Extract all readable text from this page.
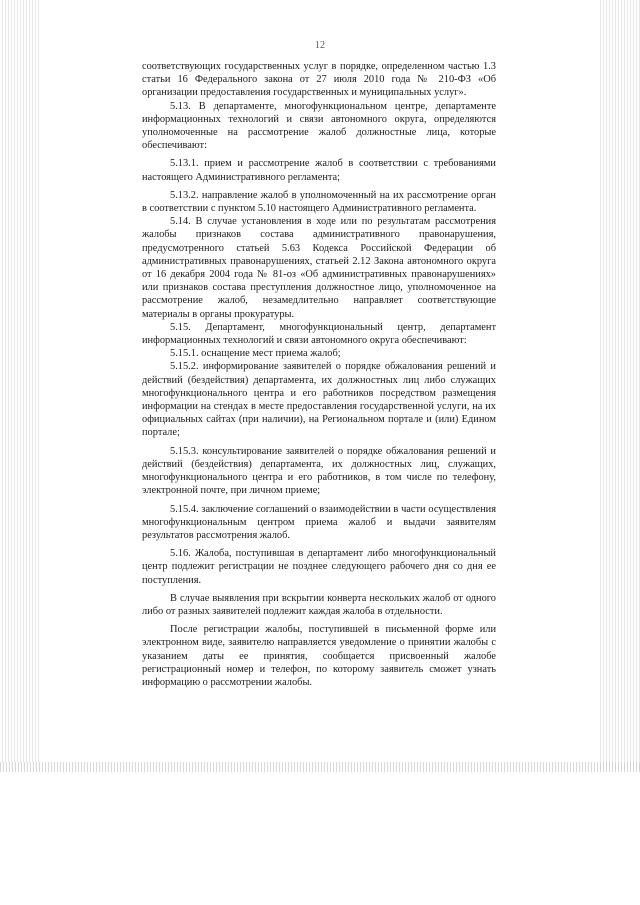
12

соответствующих государственных услуг в порядке, определенном частью 1.3 статьи 16 Федерального закона от 27 июля 2010 года № 210-ФЗ «Об организации предоставления государственных и муниципальных услуг».

5.13. В департаменте, многофункциональном центре, департаменте информационных технологий и связи автономного округа, определяются уполномоченные на рассмотрение жалоб должностные лица, которые обеспечивают:

5.13.1. прием и рассмотрение жалоб в соответствии с требованиями настоящего Административного регламента;

5.13.2. направление жалоб в уполномоченный на их рассмотрение орган в соответствии с пунктом 5.10 настоящего Административного регламента.

5.14. В случае установления в ходе или по результатам рассмотрения жалобы признаков состава административного правонарушения, предусмотренного статьей 5.63 Кодекса Российской Федерации об административных правонарушениях, статьей 2.12 Закона автономного округа от 16 декабря 2004 года № 81-оз «Об административных правонарушениях» или признаков состава преступления должностное лицо, уполномоченное на рассмотрение жалоб, незамедлительно направляет соответствующие материалы в органы прокуратуры.

5.15. Департамент, многофункциональный центр, департамент информационных технологий и связи автономного округа обеспечивают:

5.15.1. оснащение мест приема жалоб;

5.15.2. информирование заявителей о порядке обжалования решений и действий (бездействия) департамента, их должностных лиц либо служащих многофункционального центра и его работников посредством размещения информации на стендах в месте предоставления государственной услуги, на их официальных сайтах (при наличии), на Региональном портале и (или) Едином портале;

5.15.3. консультирование заявителей о порядке обжалования решений и действий (бездействия) департамента, их должностных лиц, служащих, многофункционального центра и его работников, в том числе по телефону, электронной почте, при личном приеме;

5.15.4. заключение соглашений о взаимодействии в части осуществления многофункциональным центром приема жалоб и выдачи заявителям результатов рассмотрения жалоб.

5.16. Жалоба, поступившая в департамент либо многофункциональный центр подлежит регистрации не позднее следующего рабочего дня со дня ее поступления.

В случае выявления при вскрытии конверта нескольких жалоб от одного либо от разных заявителей подлежит каждая жалоба в отдельности.

После регистрации жалобы, поступившей в письменной форме или электронном виде, заявителю направляется уведомление о принятии жалобы с указанием даты ее принятия, сообщается присвоенный жалобе регистрационный номер и телефон, по которому заявитель сможет узнать информацию о рассмотрении жалобы.
